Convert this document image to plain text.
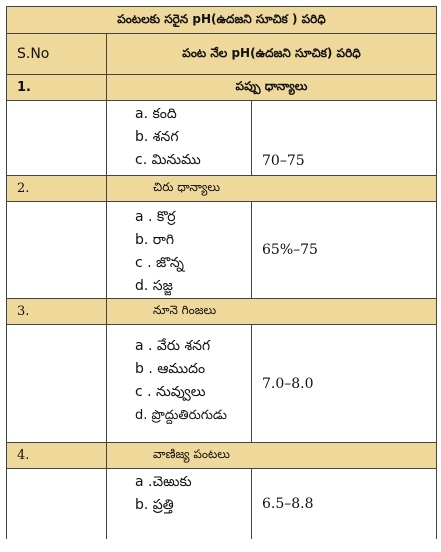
పంటలకు సరైన pH(ఉదజని సూచిక ) పరిధి		
S.No	పంట నేల pH(ఉదజని సూచిక) పరిధి	
1.	పప్పు ధాన్యాలు	

	a. కంది
b. శనగ
c. మినుము	70–75
2.	చిరు ధాన్యాలు	

	a . కొర్ర
b. రాగి
c . జొన్న
d. సజ్జ	65%–75
3.	నూనె గింజలు	

	a . వేరు శనగ
b . ఆముదం
c . నువ్వులు
d. ప్రొద్దుతిరుగుడు	7.0–8.0
4.	వాణిజ్య పంటలు	

	a .చెఱుకు
b. ప్రత్తి	6.5–8.8
